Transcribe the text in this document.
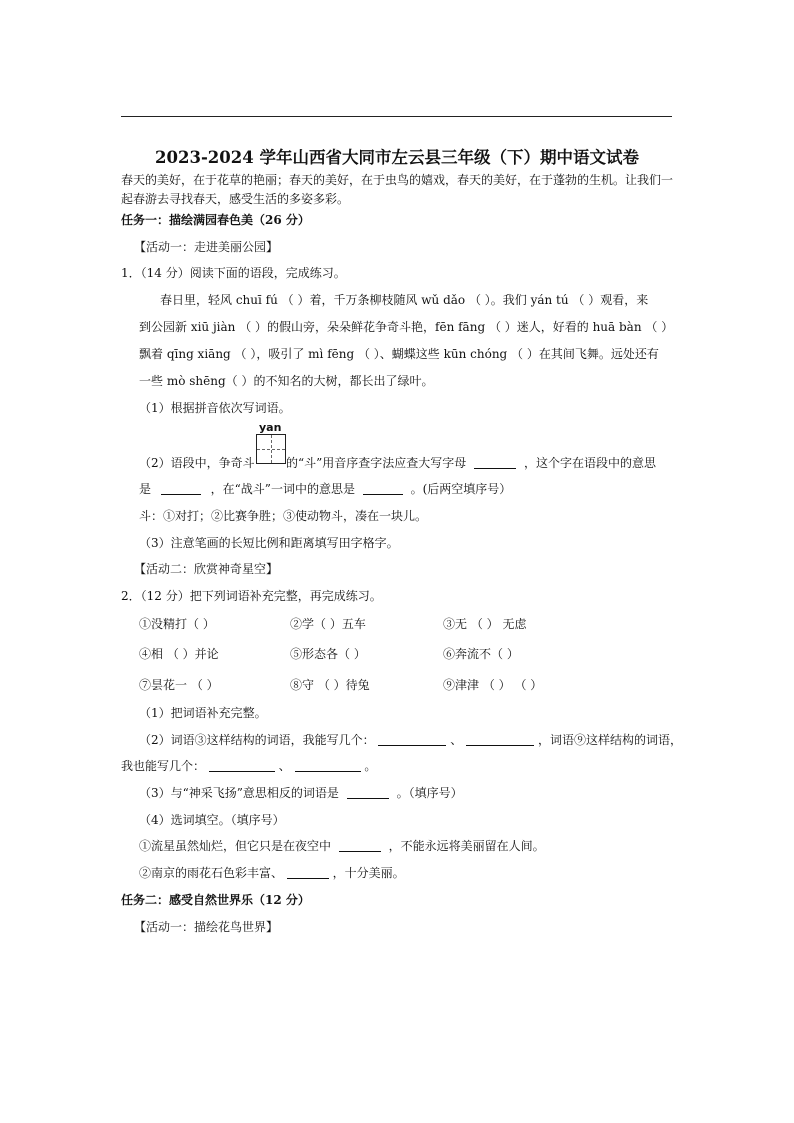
2023-2024 学年山西省大同市左云县三年级（下）期中语文试卷
春天的美好，在于花草的艳丽；春天的美好，在于虫鸟的嬉戏，春天的美好，在于蓬勃的生机。让我们一
起春游去寻找春天，感受生活的多姿多彩。
任务一：描绘满园春色美（26 分）
【活动一：走进美丽公园】
1．（14 分）阅读下面的语段，完成练习。
春日里，轻风 chuī fú （ ）着，千万条柳枝随风 wǔ dǎo （ ）。我们 yán tú （ ）观看，来
到公园新 xiū jiàn （ ）的假山旁，朵朵鲜花争奇斗艳，fēn fāng （ ）迷人，好看的 huā bàn （ ）
飘着 qīng xiāng （ ），吸引了 mì fēng （ ）、蝴蝶这些 kūn chóng （ ）在其间飞舞。远处还有
一些 mò shēng（ ）的不知名的大树，都长出了绿叶。
（1）根据拼音依次写词语。
yan
（2）语段中，争奇斗	的“斗”用音序查字法应查大写字母	，这个字在语段中的意思
是	，在“战斗”一词中的意思是	。(后两空填序号）
斗：①对打；②比赛争胜；③使动物斗，凑在一块儿。
（3）注意笔画的长短比例和距离填写田字格字。
【活动二：欣赏神奇星空】
2．（12 分）把下列词语补充完整，再完成练习。
①没精打（ ）	②学（ ）五车	③无 （ ） 无虑
④相 （ ）并论	⑤形态各（ ）	⑥奔流不（ ）
⑦昙花一 （ ）	⑧守 （ ）待兔	⑨津津 （ ） （ ）
（1）把词语补充完整。
（2）词语③这样结构的词语，我能写几个：	、	，词语⑨这样结构的词语，
我也能写几个：	、	。
（3）与“神采飞扬”意思相反的词语是	。（填序号）
（4）选词填空。（填序号）
①流星虽然灿烂，但它只是在夜空中	，不能永远将美丽留在人间。
②南京的雨花石色彩丰富、	，十分美丽。
任务二：感受自然世界乐（12 分）
【活动一：描绘花鸟世界】
